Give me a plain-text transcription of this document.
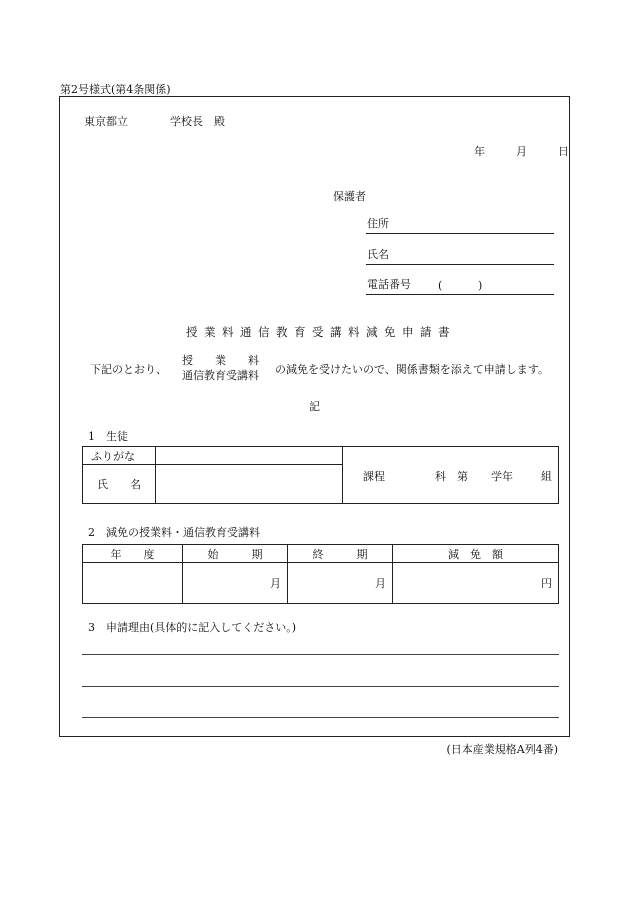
第2号様式(第4条関係)
東京都立	学校長　殿
年	月	日
保護者
住所
氏名
電話番号 (	)
授業料通信教育受講料減免申請書
下記のとおり、
授　　業　　料
通信教育受講料 の減免を受けたいので、関係書類を添えて申請します。
記
1　生徒
ふりがな		課程 科 第 学年 組

氏　　名		
2　減免の授業料・通信教育受講料
年　　度	始　　　期	終　　　期	減　免　額
	月	月	円
3　申請理由(具体的に記入してください。)
(日本産業規格A列4番)
